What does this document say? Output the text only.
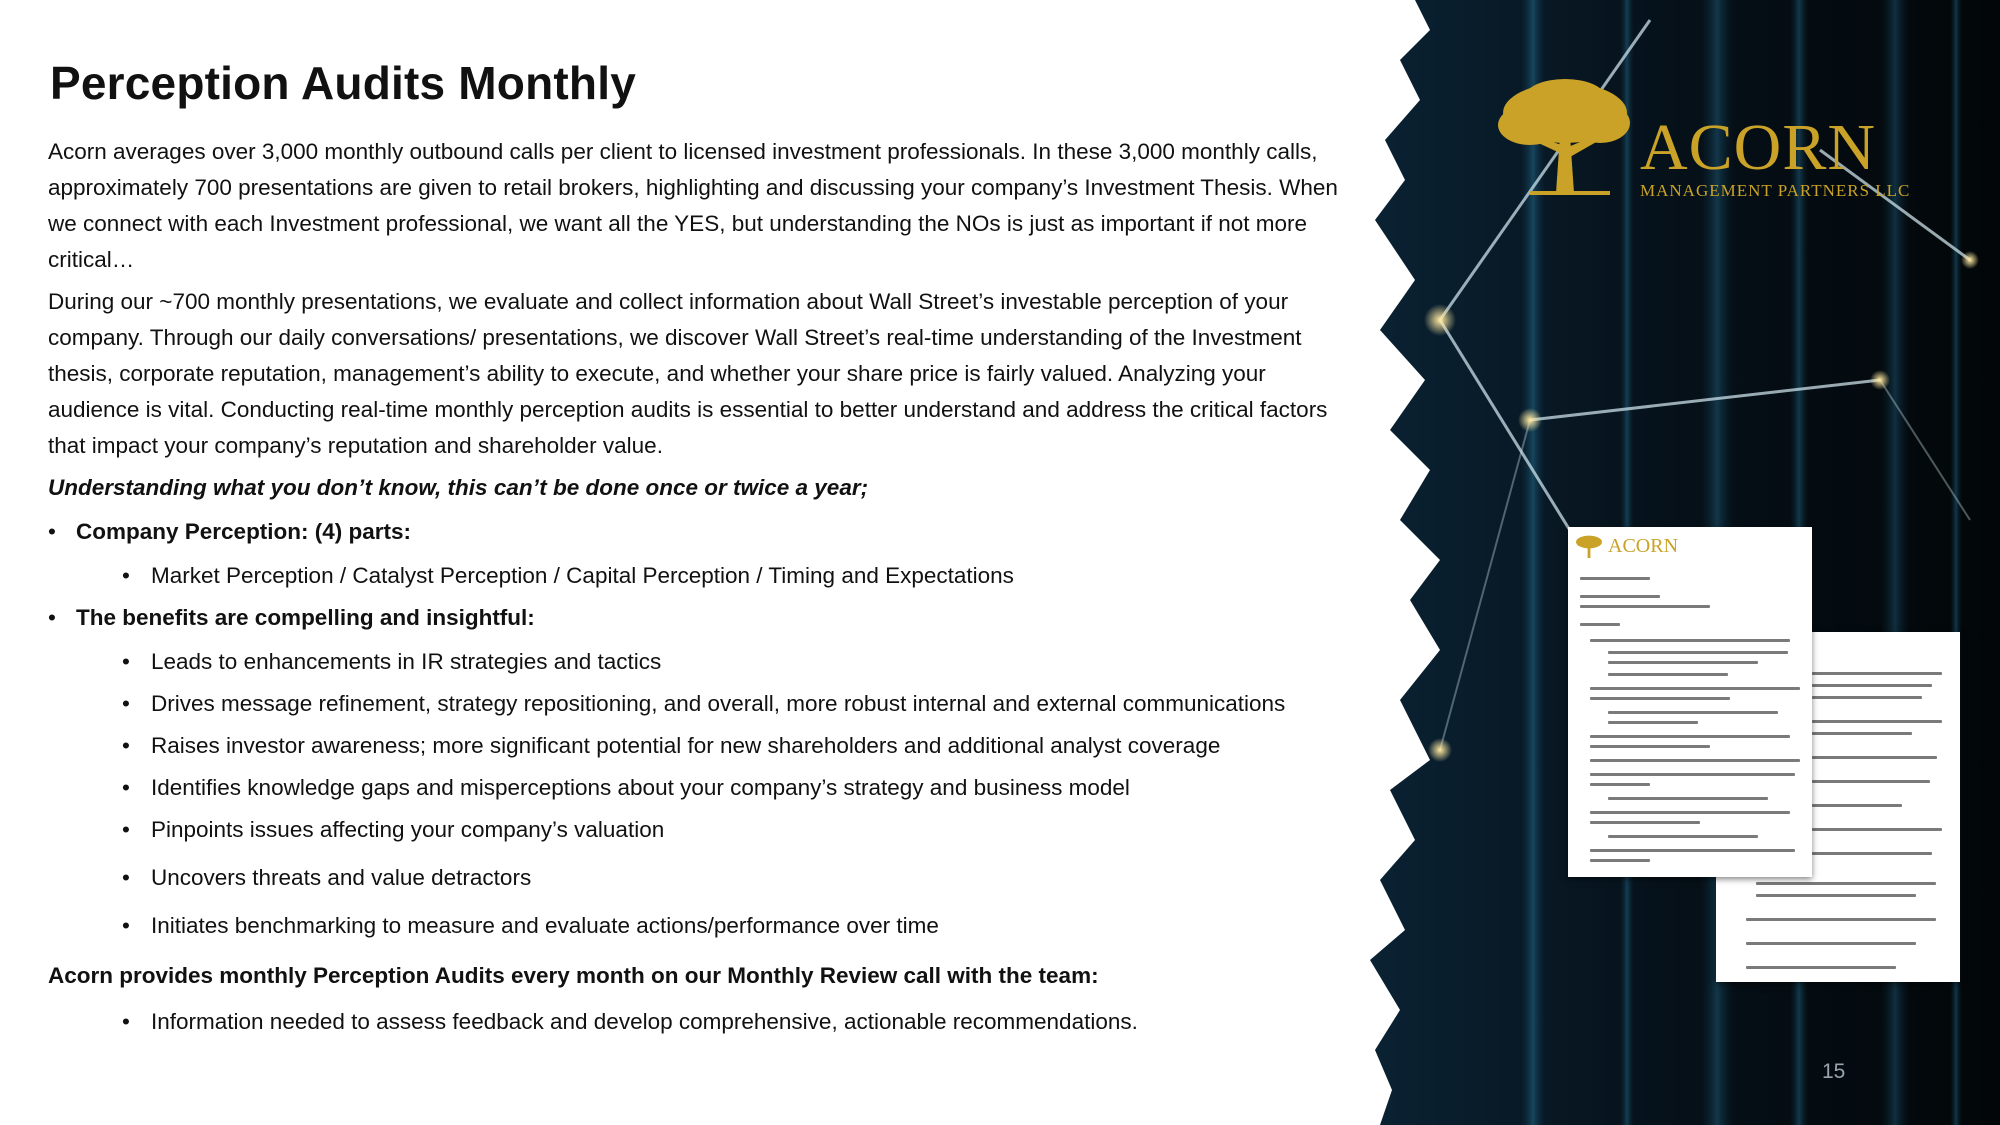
ACORN
MANAGEMENT PARTNERS LLC
ACORN
Perception Audits Monthly

Acorn averages over 3,000 monthly outbound calls per client to licensed investment professionals. In these 3,000 monthly calls, approximately 700 presentations are given to retail brokers, highlighting and discussing your company’s Investment Thesis. When we connect with each Investment professional, we want all the YES, but understanding the NOs is just as important if not more critical…

During our ~700 monthly presentations, we evaluate and collect information about Wall Street’s investable perception of your company. Through our daily conversations/ presentations, we discover Wall Street’s real-time understanding of the Investment thesis, corporate reputation, management’s ability to execute, and whether your share price is fairly valued. Analyzing your audience is vital. Conducting real-time monthly perception audits is essential to better understand and address the critical factors that impact your company’s reputation and shareholder value.

Understanding what you don’t know, this can’t be done once or twice a year;

• Company Perception: (4) parts:
• Market Perception / Catalyst Perception / Capital Perception / Timing and Expectations
• The benefits are compelling and insightful:
• Leads to enhancements in IR strategies and tactics
• Drives message refinement, strategy repositioning, and overall, more robust internal and external communications
• Raises investor awareness; more significant potential for new shareholders and additional analyst coverage
• Identifies knowledge gaps and misperceptions about your company’s strategy and business model
• Pinpoints issues affecting your company’s valuation
• Uncovers threats and value detractors
• Initiates benchmarking to measure and evaluate actions/performance over time

Acorn provides monthly Perception Audits every month on our Monthly Review call with the team:

• Information needed to assess feedback and develop comprehensive, actionable recommendations.
15
